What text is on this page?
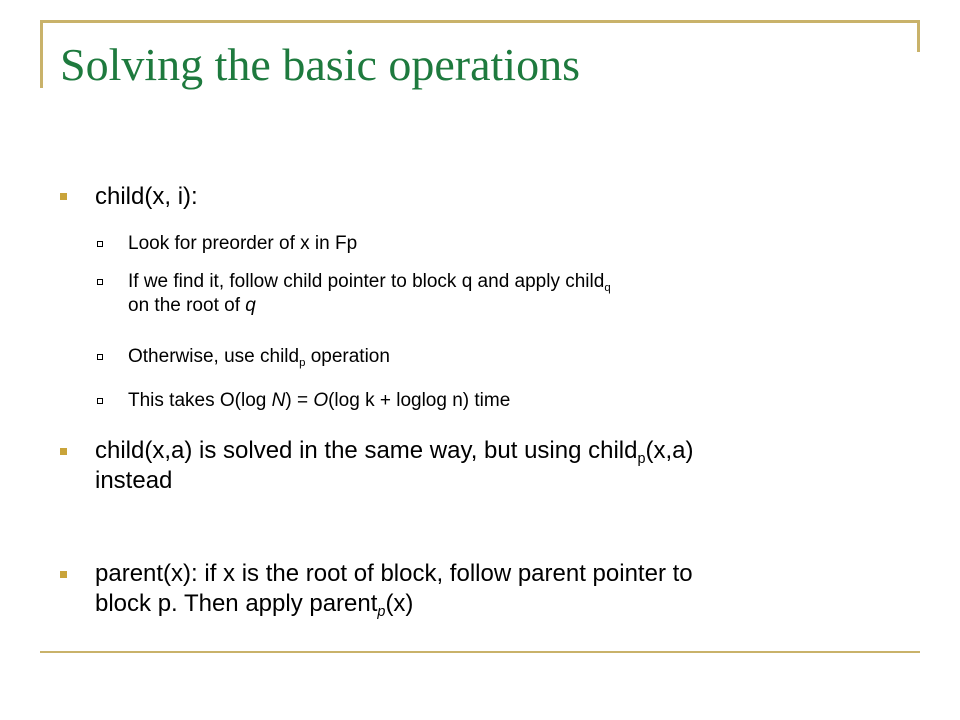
Solving the basic operations
child(x, i):
Look for preorder of x in Fp
If we find it, follow child pointer to block q and apply child$_q$
on the root of q
Otherwise, use child$_p$ operation
This takes O(log N) = O(log k + loglog n) time
child(x,a) is solved in the same way, but using child$_p$(x,a)
instead
parent(x): if x is the root of block, follow parent pointer to
block p. Then apply parent$_p$(x)
